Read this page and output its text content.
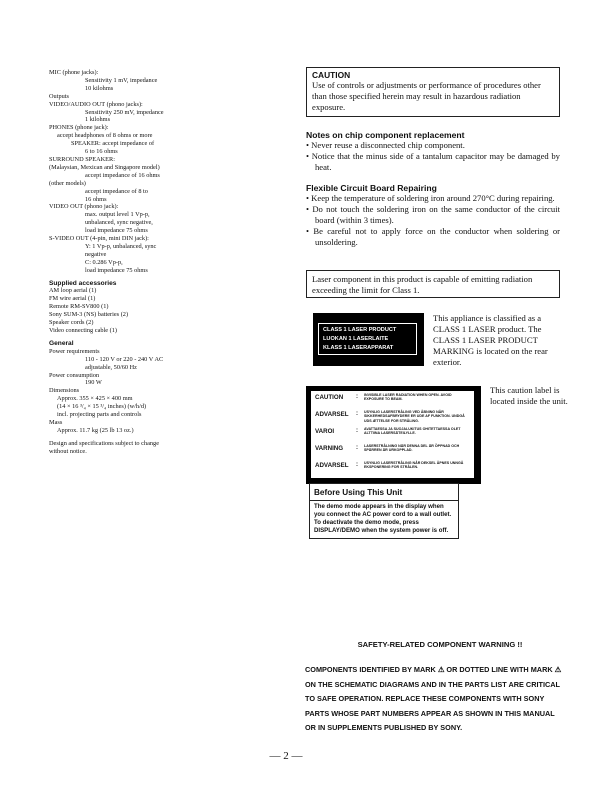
MIC (phone jacks):
Sensitivity 1 mV, impedance
10 kilohms
Outputs
VIDEO/AUDIO OUT (phono jacks):
Sensitivity 250 mV, impedance
1 kilohms
PHONES (phone jack):
accept headphones of 8 ohms or more
SPEAKER: accept impedance of
6 to 16 ohms
SURROUND SPEAKER:
(Malaysian, Mexican and Singapore model)
accept impedance of 16 ohms
(other models)
accept impedance of 8 to
16 ohms
VIDEO OUT (phono jack):
max. output level 1 Vp-p,
unbalanced, sync negative,
load impedance 75 ohms
S-VIDEO OUT (4-pin, mini DIN jack):
Y: 1 Vp-p, unbalanced, sync
negative
C: 0.286 Vp-p,
load impedance 75 ohms
Supplied accessories
AM loop aerial (1)
FM wire aerial (1)
Remote RM-SV800 (1)
Sony SUM-3 (NS) batteries (2)
Speaker cords (2)
Video connecting cable (1)
General
Power requirements
110 - 120 V or 220 - 240 V AC
adjustable, 50/60 Hz
Power consumption
190 W
Dimensions
Approx. 355 × 425 × 400 mm
(14 × 16 ³/₄ × 15 ³/₄ inches) (w/h/d)
incl. projecting parts and controls
Mass
Approx. 11.7 kg (25 lb 13 oz.)
Design and specifications subject to change
without notice.
CAUTION
Use of controls or adjustments or performance of procedures other than those specified herein may result in hazardous radiation exposure.
Notes on chip component replacement
• Never reuse a disconnected chip component.
• Notice that the minus side of a tantalum capacitor may be damaged by heat.
Flexible Circuit Board Repairing
• Keep the temperature of soldering iron around 270°C during repairing.
• Do not touch the soldering iron on the same conductor of the circuit board (within 3 times).
• Be careful not to apply force on the conductor when soldering or unsoldering.
Laser component in this product is capable of emitting radiation exceeding the limit for Class 1.
CLASS 1 LASER PRODUCT
LUOKAN 1 LASERLAITE
KLASS 1 LASERAPPARAT
This appliance is classified as a CLASS 1 LASER product. The CLASS 1 LASER PRODUCT MARKING is located on the rear exterior.
CAUTION : INVISIBLE LASER RADIATION WHEN OPEN. AVOID EXPOSURE TO BEAM.
ADVARSEL : USYNLIG LASERSTRÅLING VED ÅBNING NÅR SIKKERHEDSAFBRYDERE ER UDE AF FUNKTION. UNDGÅ UDS ÆTTELSE FOR STRÅLING.
VAROI	: AVATTAESSA JA SUOJALUKITUS OHITETTAESSA OLET ALTTIINA LASERSÄTEILYLLE.
VARNING : LASERSTRÅLNING NÄR DENNA DEL ÄR ÖPPNAD OCH SPÄRREN ÄR URKOPPLAD.
ADVARSEL : USYNLIG LASERSTRÅLING NÅR DEKSEL ÅPNES UNNGÅ EKSPONERING FOR STRÅLEN.
This caution label is located inside the unit.
Before Using This Unit
The demo mode appears in the display when you connect the AC power cord to a wall outlet. To deactivate the demo mode, press DISPLAY/DEMO when the system power is off.
SAFETY-RELATED COMPONENT WARNING !!
COMPONENTS IDENTIFIED BY MARK ⚠ OR DOTTED LINE WITH MARK ⚠ ON THE SCHEMATIC DIAGRAMS AND IN THE PARTS LIST ARE CRITICAL TO SAFE OPERATION. REPLACE THESE COMPONENTS WITH SONY PARTS WHOSE PART NUMBERS APPEAR AS SHOWN IN THIS MANUAL OR IN SUPPLEMENTS PUBLISHED BY SONY.
— 2 —
